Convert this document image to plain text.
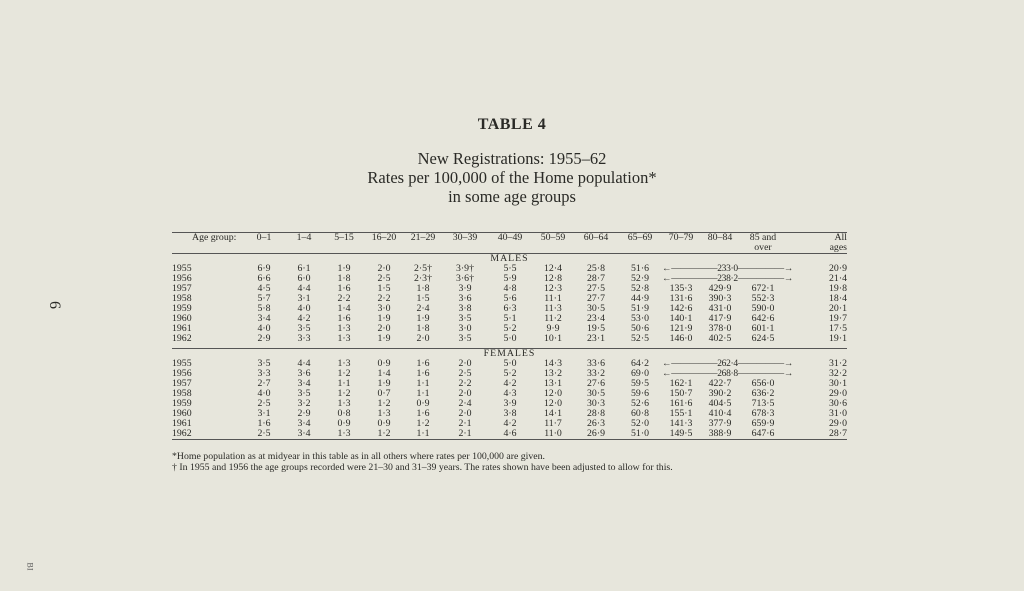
6
BI
TABLE 4
New Registrations: 1955–62
Rates per 100,000 of the Home population*
in some age groups
Age group:	0–1	1–4	5–15	16–20	21–29	30–39	40–49	50–59	60–64	65–69	70–79	80–84	85 and over	All ages
MALES														
1955	6·9	6·1	1·9	2·0	2·5†	3·9†	5·5	12·4	25·8	51·6	←—————233·0—————→			20·9
1956	6·6	6·0	1·8	2·5	2·3†	3·6†	5·9	12·8	28·7	52·9	←—————238·2—————→			21·4
1957	4·5	4·4	1·6	1·5	1·8	3·9	4·8	12·3	27·5	52·8	135·3	429·9	672·1	19·8
1958	5·7	3·1	2·2	2·2	1·5	3·6	5·6	11·1	27·7	44·9	131·6	390·3	552·3	18·4
1959	5·8	4·0	1·4	3·0	2·4	3·8	6·3	11·3	30·5	51·9	142·6	431·0	590·0	20·1
1960	3·4	4·2	1·6	1·9	1·9	3·5	5·1	11·2	23·4	53·0	140·1	417·9	642·6	19·7
1961	4·0	3·5	1·3	2·0	1·8	3·0	5·2	9·9	19·5	50·6	121·9	378·0	601·1	17·5
1962	2·9	3·3	1·3	1·9	2·0	3·5	5·0	10·1	23·1	52·5	146·0	402·5	624·5	19·1

FEMALES														
1955	3·5	4·4	1·3	0·9	1·6	2·0	5·0	14·3	33·6	64·2	←—————262·4—————→			31·2
1956	3·3	3·6	1·2	1·4	1·6	2·5	5·2	13·2	33·2	69·0	←—————268·8—————→			32·2
1957	2·7	3·4	1·1	1·9	1·1	2·2	4·2	13·1	27·6	59·5	162·1	422·7	656·0	30·1
1958	4·0	3·5	1·2	0·7	1·1	2·0	4·3	12·0	30·5	59·6	150·7	390·2	636·2	29·0
1959	2·5	3·2	1·3	1·2	0·9	2·4	3·9	12·0	30·3	52·6	161·6	404·5	713·5	30·6
1960	3·1	2·9	0·8	1·3	1·6	2·0	3·8	14·1	28·8	60·8	155·1	410·4	678·3	31·0
1961	1·6	3·4	0·9	0·9	1·2	2·1	4·2	11·7	26·3	52·0	141·3	377·9	659·9	29·0
1962	2·5	3·4	1·3	1·2	1·1	2·1	4·6	11·0	26·9	51·0	149·5	388·9	647·6	28·7
*Home population as at midyear in this table as in all others where rates per 100,000 are given.
† In 1955 and 1956 the age groups recorded were 21–30 and 31–39 years. The rates shown have been adjusted to allow for this.
